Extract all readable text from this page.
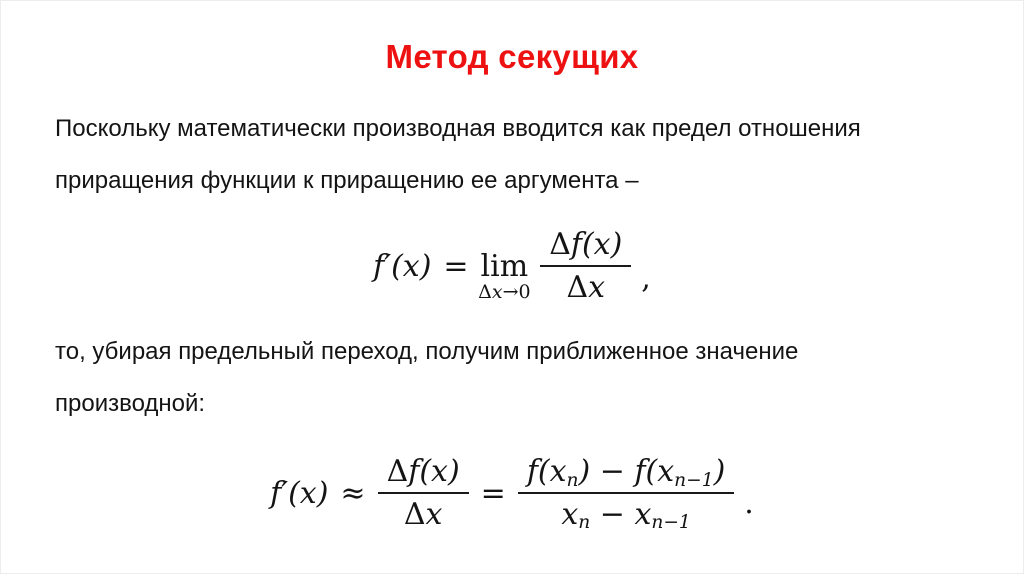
Метод секущих
Поскольку математически производная вводится как предел отношения
приращения функции к приращению ее аргумента –
f′(x) = lim
$\Delta x\to 0 \frac{\Delta f(x)}{\Delta x}$ ,
то, убирая предельный переход, получим приближенное значение
производной:
$f'(x) \approx \frac{\Delta f(x)}{\Delta x} = \frac{f(x_n) - f(x_{n-1})}{x_n - x_{n-1}}$ .
